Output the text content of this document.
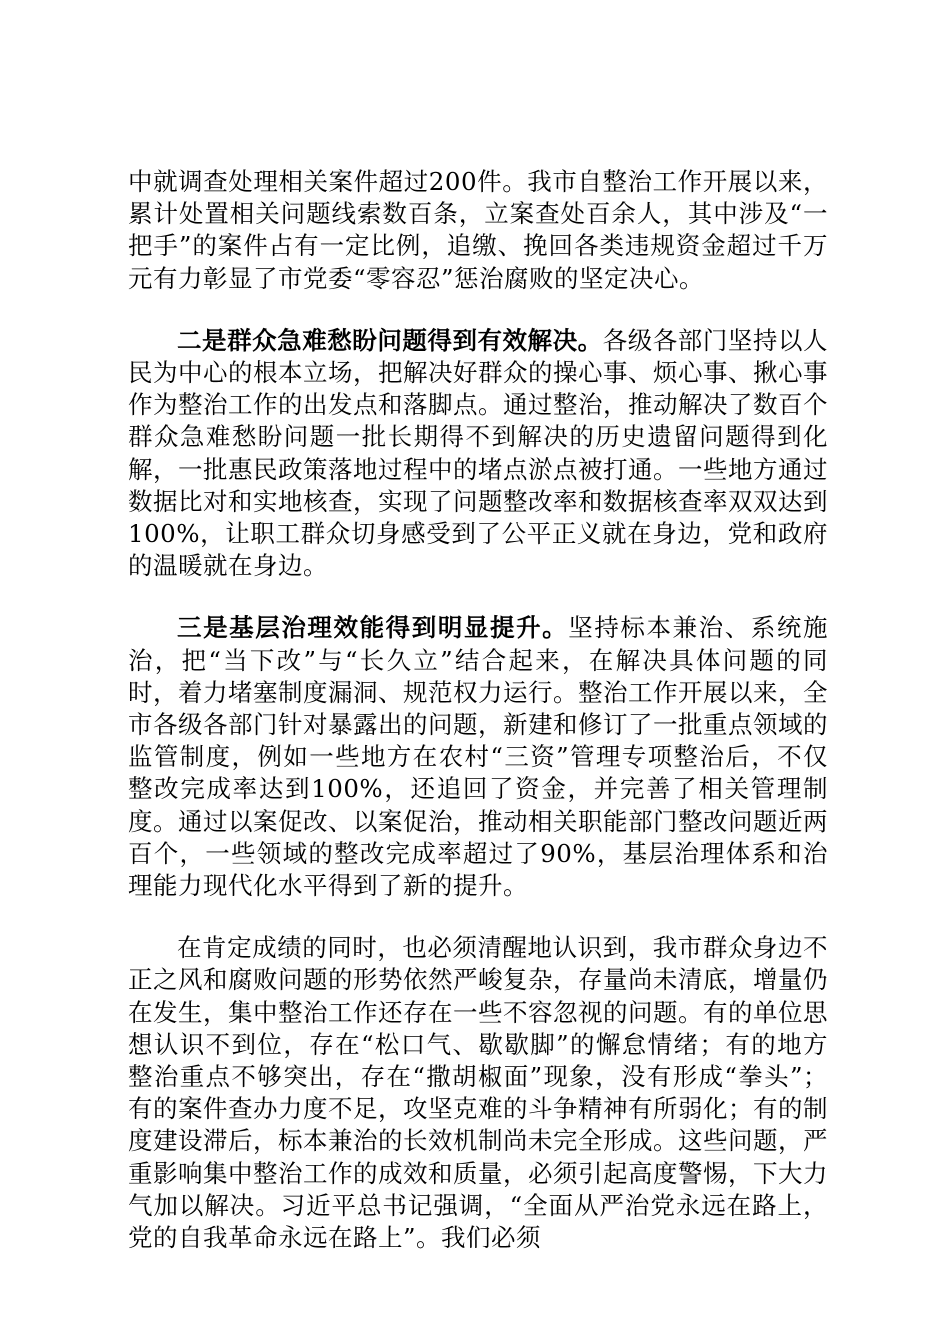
中就调查处理相关案件超过200件。我市自整治工作开展以来，累计处置相关问题线索数百条，立案查处百余人，其中涉及“一把手”的案件占有一定比例，追缴、挽回各类违规资金超过千万元有力彰显了市党委“零容忍”惩治腐败的坚定决心。

二是群众急难愁盼问题得到有效解决。各级各部门坚持以人民为中心的根本立场，把解决好群众的操心事、烦心事、揪心事作为整治工作的出发点和落脚点。通过整治，推动解决了数百个群众急难愁盼问题一批长期得不到解决的历史遗留问题得到化解，一批惠民政策落地过程中的堵点淤点被打通。一些地方通过数据比对和实地核查，实现了问题整改率和数据核查率双双达到100%，让职工群众切身感受到了公平正义就在身边，党和政府的温暖就在身边。

三是基层治理效能得到明显提升。坚持标本兼治、系统施治，把“当下改”与“长久立”结合起来，在解决具体问题的同时，着力堵塞制度漏洞、规范权力运行。整治工作开展以来，全市各级各部门针对暴露出的问题，新建和修订了一批重点领域的监管制度，例如一些地方在农村“三资”管理专项整治后，不仅整改完成率达到100%，还追回了资金，并完善了相关管理制度。通过以案促改、以案促治，推动相关职能部门整改问题近两百个，一些领域的整改完成率超过了90%，基层治理体系和治理能力现代化水平得到了新的提升。

在肯定成绩的同时，也必须清醒地认识到，我市群众身边不正之风和腐败问题的形势依然严峻复杂，存量尚未清底，增量仍在发生，集中整治工作还存在一些不容忽视的问题。有的单位思想认识不到位，存在“松口气、歇歇脚”的懈怠情绪；有的地方整治重点不够突出，存在“撒胡椒面”现象，没有形成“拳头”；有的案件查办力度不足，攻坚克难的斗争精神有所弱化；有的制度建设滞后，标本兼治的长效机制尚未完全形成。这些问题，严重影响集中整治工作的成效和质量，必须引起高度警惕，下大力气加以解决。习近平总书记强调，“全面从严治党永远在路上，党的自我革命永远在路上”。我们必须
